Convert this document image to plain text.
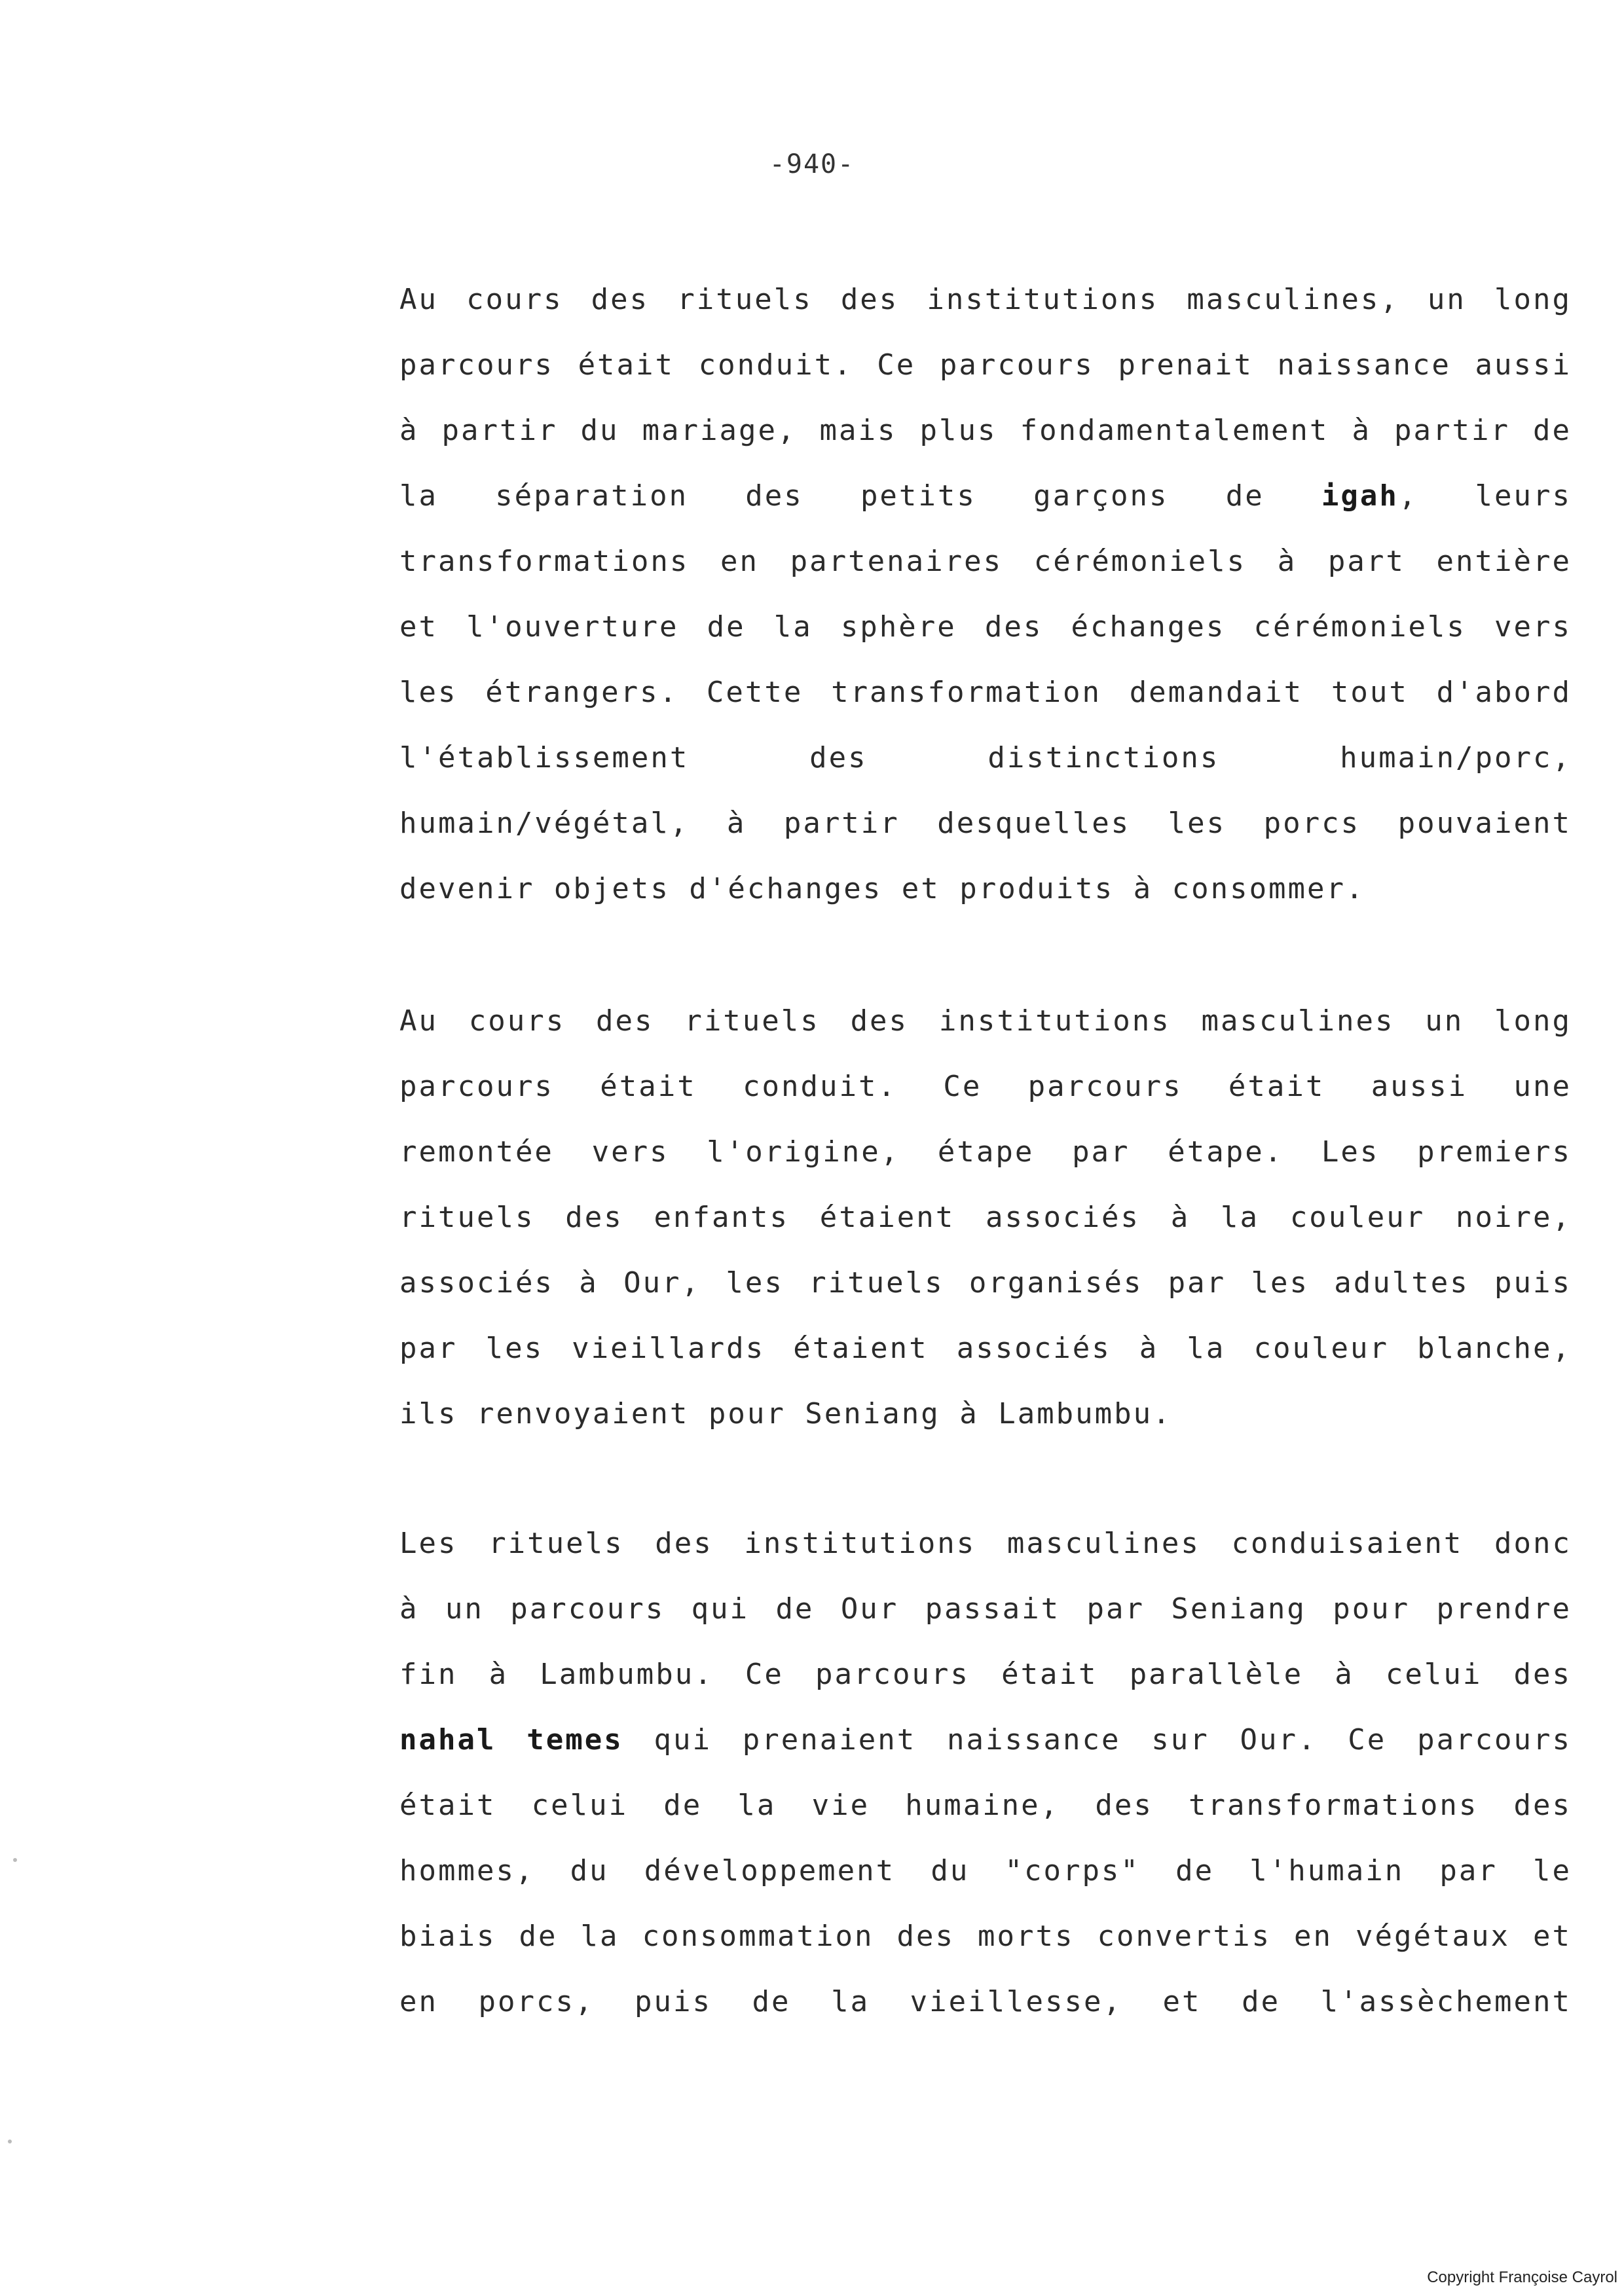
-940-
Au cours des rituels des institutions masculines, un long
parcours était conduit. Ce parcours prenait naissance aussi
à partir du mariage, mais plus fondamentalement à partir de
la séparation des petits garçons de igah, leurs
transformations en partenaires cérémoniels à part entière
et l'ouverture de la sphère des échanges cérémoniels vers
les étrangers. Cette transformation demandait tout d'abord
l'établissement des distinctions humain/porc,
humain/végétal, à partir desquelles les porcs pouvaient
devenir objets d'échanges et produits à consommer.
Au cours des rituels des institutions masculines un long
parcours était conduit. Ce parcours était aussi une
remontée vers l'origine, étape par étape. Les premiers
rituels des enfants étaient associés à la couleur noire,
associés à Our, les rituels organisés par les adultes puis
par les vieillards étaient associés à la couleur blanche,
ils renvoyaient pour Seniang à Lambumbu.
Les rituels des institutions masculines conduisaient donc
à un parcours qui de Our passait par Seniang pour prendre
fin à Lambumbu. Ce parcours était parallèle à celui des
nahal temes qui prenaient naissance sur Our. Ce parcours
était celui de la vie humaine, des transformations des
hommes, du développement du "corps" de l'humain par le
biais de la consommation des morts convertis en végétaux et
en porcs, puis de la vieillesse, et de l'assèchement
Copyright Françoise Cayrol
